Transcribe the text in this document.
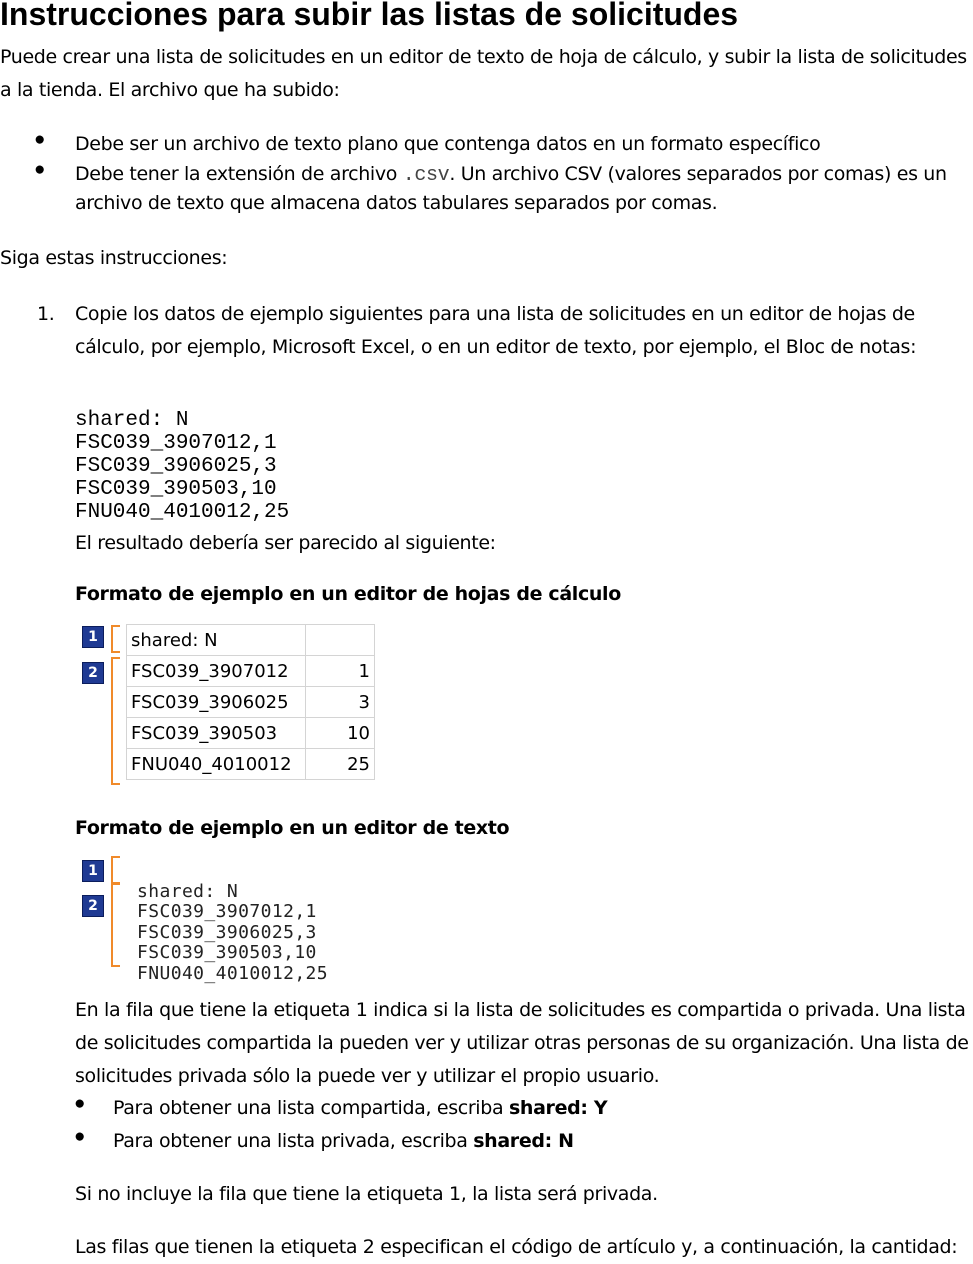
Instrucciones para subir las listas de solicitudes
Puede crear una lista de solicitudes en un editor de texto de hoja de cálculo, y subir la lista de solicitudes
a la tienda. El archivo que ha subido:
● Debe ser un archivo de texto plano que contenga datos en un formato específico
● Debe tener la extensión de archivo .csv. Un archivo CSV (valores separados por comas) es un
archivo de texto que almacena datos tabulares separados por comas.
Siga estas instrucciones:
1. Copie los datos de ejemplo siguientes para una lista de solicitudes en un editor de hojas de
cálculo, por ejemplo, Microsoft Excel, o en un editor de texto, por ejemplo, el Bloc de notas:

shared: N
FSC039_3907012,1
FSC039_3906025,3
FSC039_390503,10
FNU040_4010012,25

El resultado debería ser parecido al siguiente:
Formato de ejemplo en un editor de hojas de cálculo
1
2
shared: N	
FSC039_3907012	1
FSC039_3906025	3
FSC039_390503	10
FNU040_4010012	25
Formato de ejemplo en un editor de texto
1
2

shared: N
FSC039_3907012,1
FSC039_3906025,3
FSC039_390503,10
FNU040_4010012,25

En la fila que tiene la etiqueta 1 indica si la lista de solicitudes es compartida o privada. Una lista
de solicitudes compartida la pueden ver y utilizar otras personas de su organización. Una lista de
solicitudes privada sólo la puede ver y utilizar el propio usuario.
● Para obtener una lista compartida, escriba shared: Y
● Para obtener una lista privada, escriba shared: N
Si no incluye la fila que tiene la etiqueta 1, la lista será privada.
Las filas que tienen la etiqueta 2 especifican el código de artículo y, a continuación, la cantidad:
